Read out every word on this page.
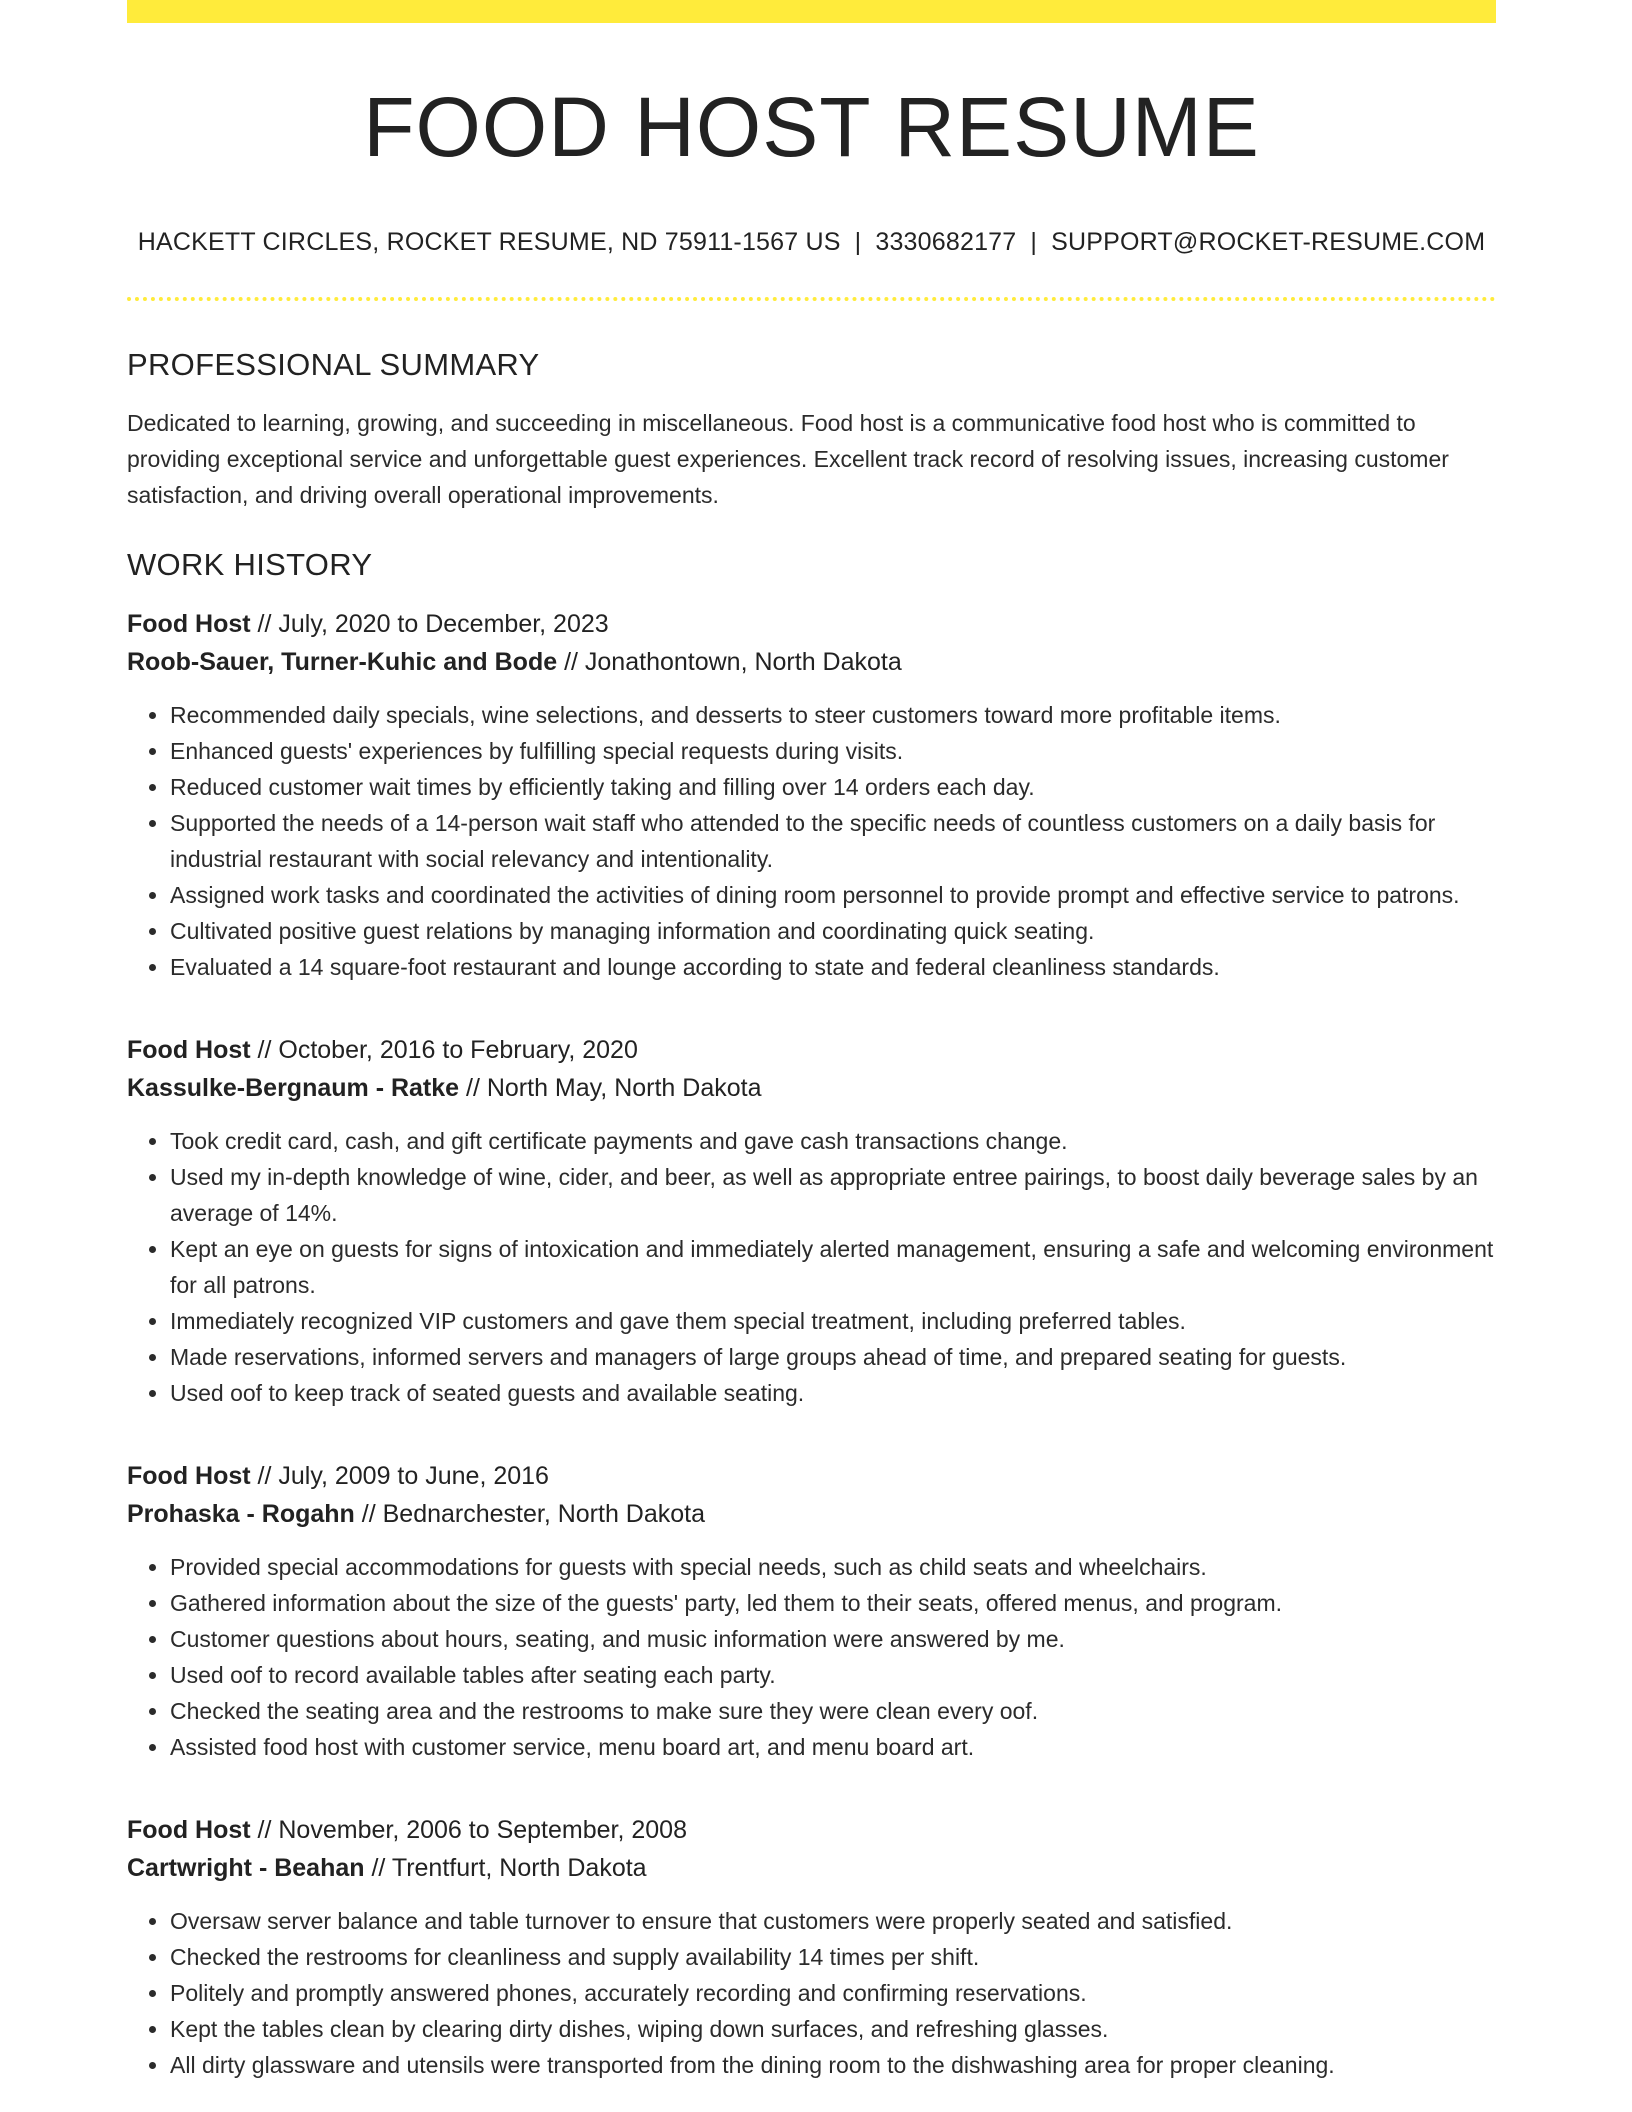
FOOD HOST RESUME
HACKETT CIRCLES, ROCKET RESUME, ND 75911-1567 US | 3330682177 | SUPPORT@ROCKET-RESUME.COM
PROFESSIONAL SUMMARY

Dedicated to learning, growing, and succeeding in miscellaneous. Food host is a communicative food host who is committed to providing exceptional service and unforgettable guest experiences. Excellent track record of resolving issues, increasing customer satisfaction, and driving overall operational improvements.

WORK HISTORY
Food Host // July, 2020 to December, 2023
Roob-Sauer, Turner-Kuhic and Bode // Jonathontown, North Dakota
• Recommended daily specials, wine selections, and desserts to steer customers toward more profitable items.
• Enhanced guests' experiences by fulfilling special requests during visits.
• Reduced customer wait times by efficiently taking and filling over 14 orders each day.
• Supported the needs of a 14-person wait staff who attended to the specific needs of countless customers on a daily basis for industrial restaurant with social relevancy and intentionality.
• Assigned work tasks and coordinated the activities of dining room personnel to provide prompt and effective service to patrons.
• Cultivated positive guest relations by managing information and coordinating quick seating.
• Evaluated a 14 square-foot restaurant and lounge according to state and federal cleanliness standards.
Food Host // October, 2016 to February, 2020
Kassulke-Bergnaum - Ratke // North May, North Dakota
• Took credit card, cash, and gift certificate payments and gave cash transactions change.
• Used my in-depth knowledge of wine, cider, and beer, as well as appropriate entree pairings, to boost daily beverage sales by an average of 14%.
• Kept an eye on guests for signs of intoxication and immediately alerted management, ensuring a safe and welcoming environment for all patrons.
• Immediately recognized VIP customers and gave them special treatment, including preferred tables.
• Made reservations, informed servers and managers of large groups ahead of time, and prepared seating for guests.
• Used oof to keep track of seated guests and available seating.
Food Host // July, 2009 to June, 2016
Prohaska - Rogahn // Bednarchester, North Dakota
• Provided special accommodations for guests with special needs, such as child seats and wheelchairs.
• Gathered information about the size of the guests' party, led them to their seats, offered menus, and program.
• Customer questions about hours, seating, and music information were answered by me.
• Used oof to record available tables after seating each party.
• Checked the seating area and the restrooms to make sure they were clean every oof.
• Assisted food host with customer service, menu board art, and menu board art.
Food Host // November, 2006 to September, 2008
Cartwright - Beahan // Trentfurt, North Dakota
• Oversaw server balance and table turnover to ensure that customers were properly seated and satisfied.
• Checked the restrooms for cleanliness and supply availability 14 times per shift.
• Politely and promptly answered phones, accurately recording and confirming reservations.
• Kept the tables clean by clearing dirty dishes, wiping down surfaces, and refreshing glasses.
• All dirty glassware and utensils were transported from the dining room to the dishwashing area for proper cleaning.
